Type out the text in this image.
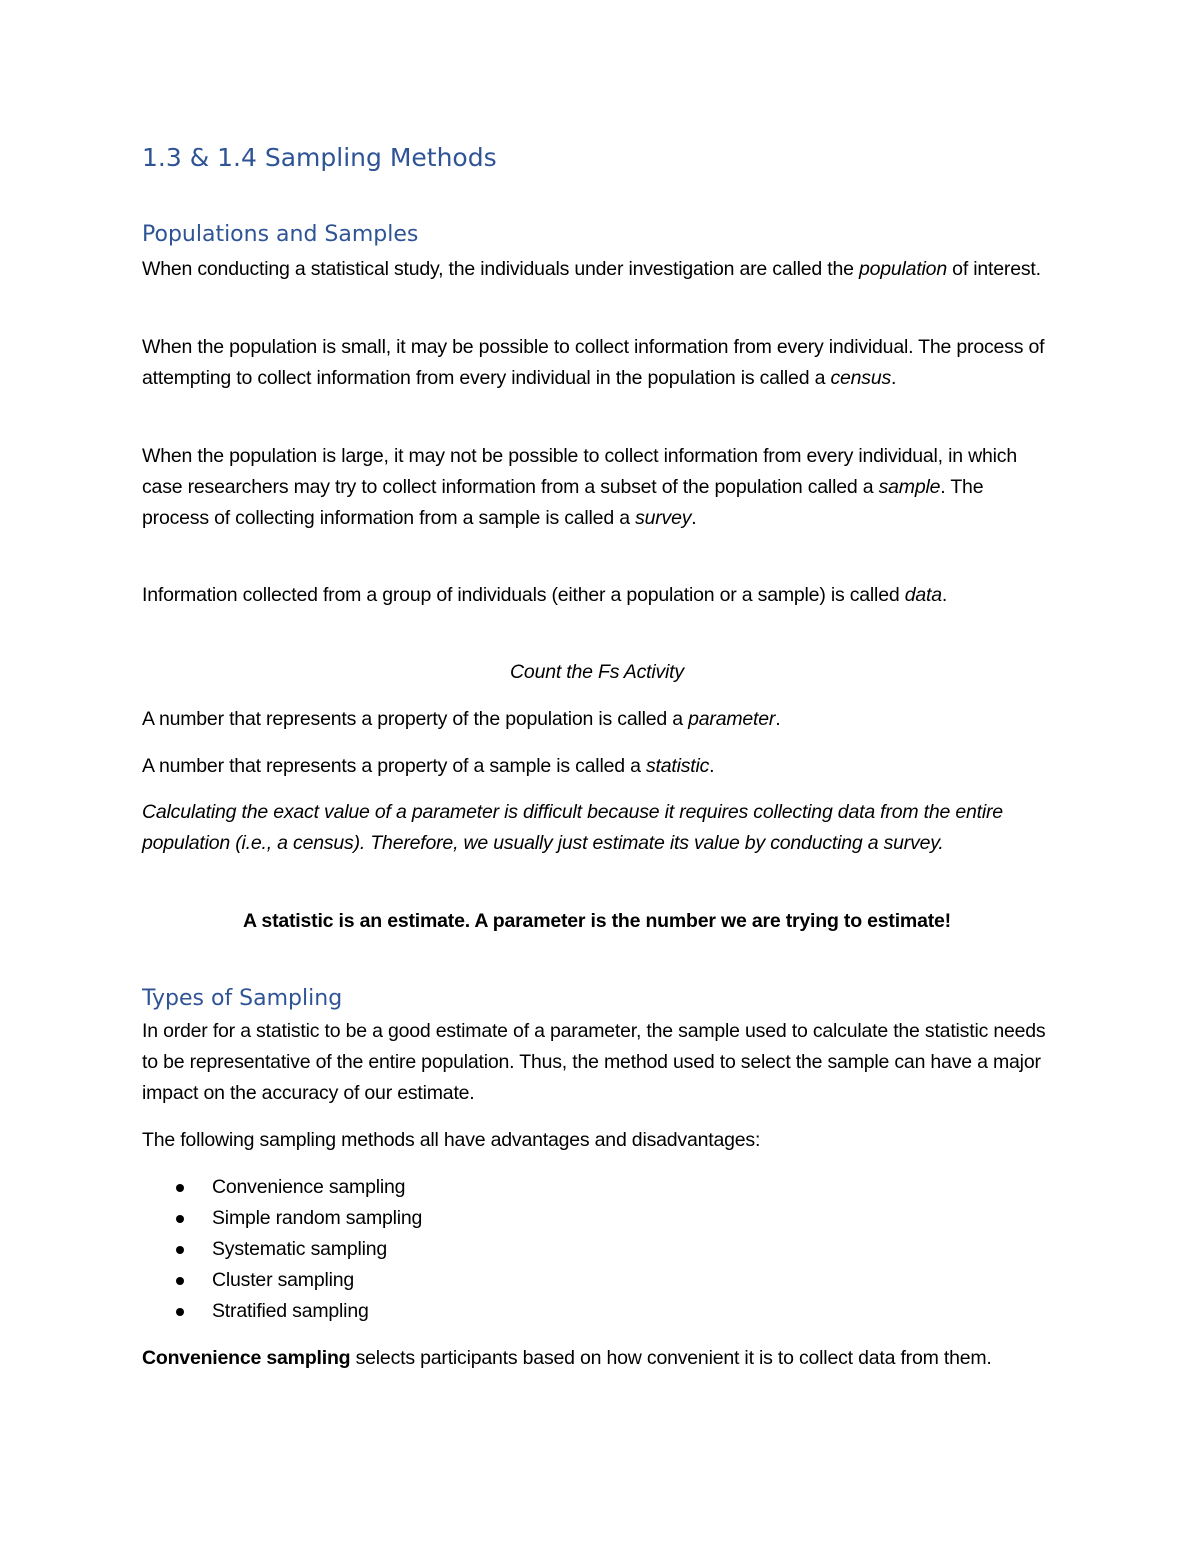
1.3 & 1.4 Sampling Methods
Populations and Samples

When conducting a statistical study, the individuals under investigation are called the population of interest.

When the population is small, it may be possible to collect information from every individual. The process of attempting to collect information from every individual in the population is called a census.

When the population is large, it may not be possible to collect information from every individual, in which case researchers may try to collect information from a subset of the population called a sample. The process of collecting information from a sample is called a survey.

Information collected from a group of individuals (either a population or a sample) is called data.

Count the Fs Activity

A number that represents a property of the population is called a parameter.

A number that represents a property of a sample is called a statistic.

Calculating the exact value of a parameter is difficult because it requires collecting data from the entire population (i.e., a census). Therefore, we usually just estimate its value by conducting a survey.

A statistic is an estimate. A parameter is the number we are trying to estimate!

Types of Sampling

In order for a statistic to be a good estimate of a parameter, the sample used to calculate the statistic needs to be representative of the entire population. Thus, the method used to select the sample can have a major impact on the accuracy of our estimate.

The following sampling methods all have advantages and disadvantages:

Convenience sampling
Simple random sampling
Systematic sampling
Cluster sampling
Stratified sampling

Convenience sampling selects participants based on how convenient it is to collect data from them.
